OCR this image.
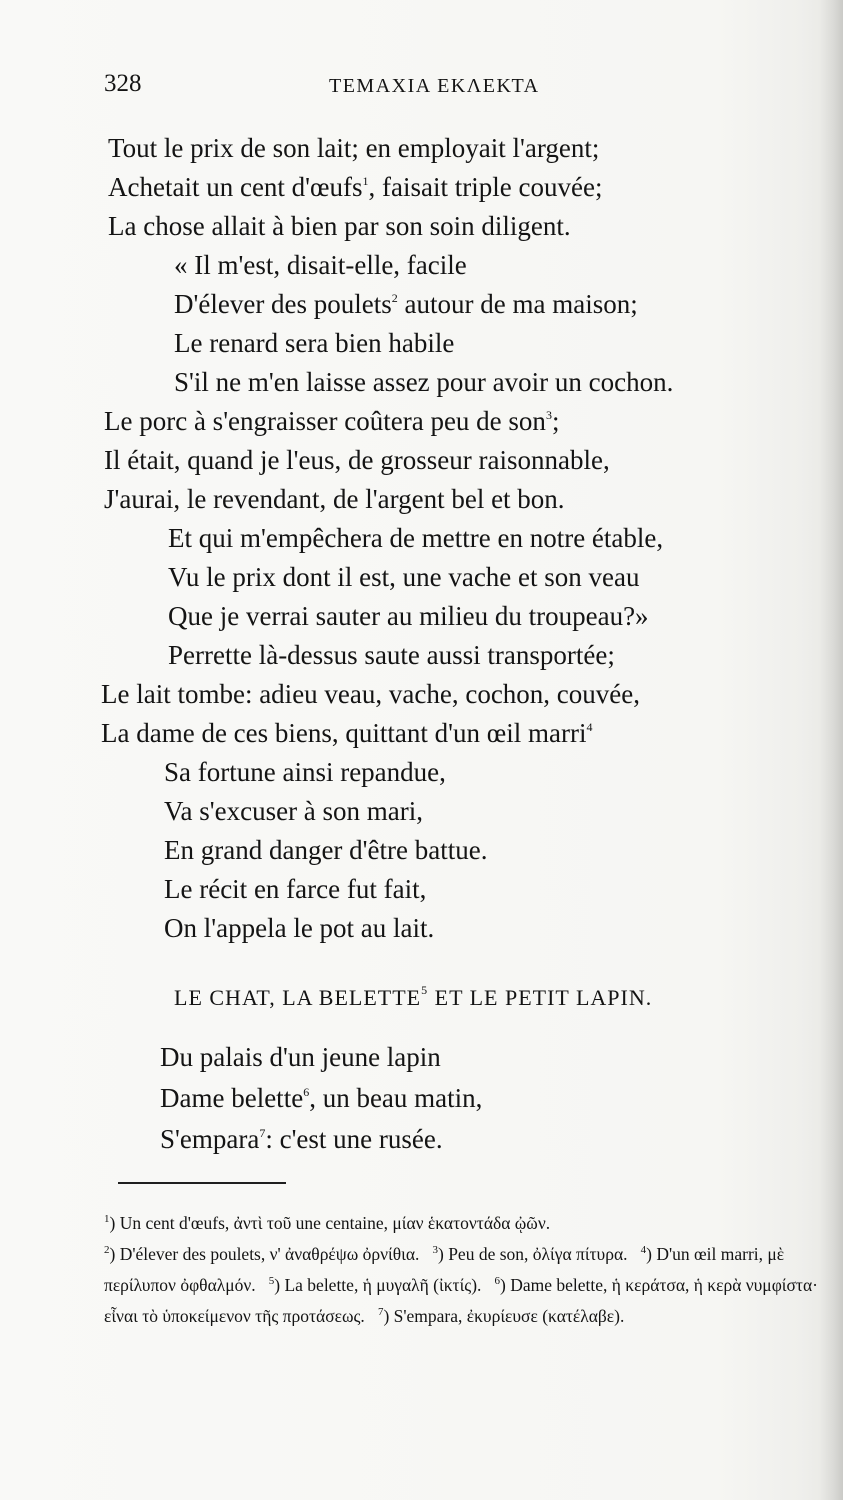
328	ΤΕΜΑΧΙΑ ΕΚΛΕΚΤΑ
Tout le prix de son lait; en employait l'argent;
Achetait un cent d'œufs$^1$, faisait triple couvée;
La chose allait à bien par son soin diligent.
« Il m'est, disait-elle, facile
D'élever des poulets$^2$ autour de ma maison;
Le renard sera bien habile
S'il ne m'en laisse assez pour avoir un cochon.
Le porc à s'engraisser coûtera peu de son$^3$;
Il était, quand je l'eus, de grosseur raisonnable,
J'aurai, le revendant, de l'argent bel et bon.
Et qui m'empêchera de mettre en notre étable,
Vu le prix dont il est, une vache et son veau
Que je verrai sauter au milieu du troupeau?»
Perrette là-dessus saute aussi transportée;
Le lait tombe: adieu veau, vache, cochon, couvée,
La dame de ces biens, quittant d'un œil marri$^4$
Sa fortune ainsi repandue,
Va s'excuser à son mari,
En grand danger d'être battue.
Le récit en farce fut fait,
On l'appela le pot au lait.
LE CHAT, LA BELETTE$^5$ ET LE PETIT LAPIN.
Du palais d'un jeune lapin
Dame belette$^6$, un beau matin,
S'empara$^7$: c'est une rusée.
$^1$) Un cent d'œufs, ἀντὶ τοῦ une centaine, μίαν ἑκατοντάδα ᾠῶν.
$^2$) D'élever des poulets, ν' ἀναθρέψω ὀρνίθια. $^3$) Peu de son, ὀλίγα πίτυρα. $^4$) D'un œil marri, μὲ περίλυπον ὀφθαλμόν. $^5$) La belette, ἡ μυγαλῆ (ἰκτίς). $^6$) Dame belette, ἡ κεράτσα, ἡ κερὰ νυμφίστα· εἶναι τὸ ὑποκείμενον τῆς προτάσεως. $^7$) S'empara, ἐκυρίευσε (κατέλαβε).
